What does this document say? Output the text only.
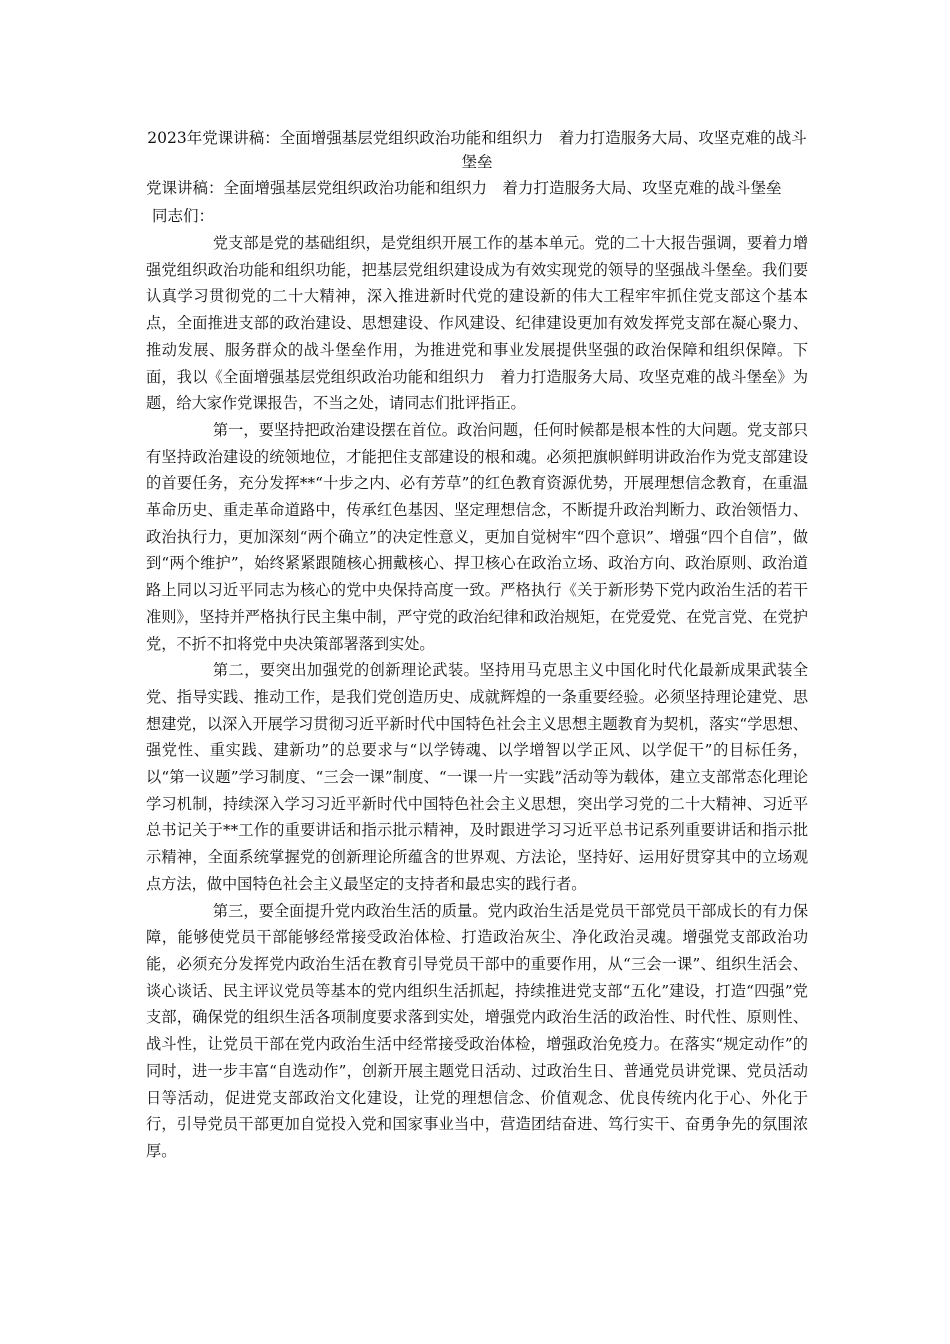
2023年党课讲稿：全面增强基层党组织政治功能和组织力　着力打造服务大局、攻坚克难的战斗堡垒

党课讲稿：全面增强基层党组织政治功能和组织力　着力打造服务大局、攻坚克难的战斗堡垒

同志们：

党支部是党的基础组织，是党组织开展工作的基本单元。党的二十大报告强调，要着力增强党组织政治功能和组织功能，把基层党组织建设成为有效实现党的领导的坚强战斗堡垒。我们要认真学习贯彻党的二十大精神，深入推进新时代党的建设新的伟大工程牢牢抓住党支部这个基本点，全面推进支部的政治建设、思想建设、作风建设、纪律建设更加有效发挥党支部在凝心聚力、推动发展、服务群众的战斗堡垒作用，为推进党和事业发展提供坚强的政治保障和组织保障。下面，我以《全面增强基层党组织政治功能和组织力　着力打造服务大局、攻坚克难的战斗堡垒》为题，给大家作党课报告，不当之处，请同志们批评指正。

第一，要坚持把政治建设摆在首位。政治问题，任何时候都是根本性的大问题。党支部只有坚持政治建设的统领地位，才能把住支部建设的根和魂。必须把旗帜鲜明讲政治作为党支部建设的首要任务，充分发挥**“十步之内、必有芳草”的红色教育资源优势，开展理想信念教育，在重温革命历史、重走革命道路中，传承红色基因、坚定理想信念，不断提升政治判断力、政治领悟力、政治执行力，更加深刻“两个确立”的决定性意义，更加自觉树牢“四个意识”、增强“四个自信”，做到“两个维护”，始终紧紧跟随核心拥戴核心、捍卫核心在政治立场、政治方向、政治原则、政治道路上同以习近平同志为核心的党中央保持高度一致。严格执行《关于新形势下党内政治生活的若干准则》，坚持并严格执行民主集中制，严守党的政治纪律和政治规矩，在党爱党、在党言党、在党护党，不折不扣将党中央决策部署落到实处。

第二，要突出加强党的创新理论武装。坚持用马克思主义中国化时代化最新成果武装全党、指导实践、推动工作，是我们党创造历史、成就辉煌的一条重要经验。必须坚持理论建党、思想建党，以深入开展学习贯彻习近平新时代中国特色社会主义思想主题教育为契机，落实“学思想、强党性、重实践、建新功”的总要求与“以学铸魂、以学增智以学正风、以学促干”的目标任务，以“第一议题”学习制度、“三会一课”制度、“一课一片一实践”活动等为载体，建立支部常态化理论学习机制，持续深入学习习近平新时代中国特色社会主义思想，突出学习党的二十大精神、习近平总书记关于**工作的重要讲话和指示批示精神，及时跟进学习习近平总书记系列重要讲话和指示批示精神，全面系统掌握党的创新理论所蕴含的世界观、方法论，坚持好、运用好贯穿其中的立场观点方法，做中国特色社会主义最坚定的支持者和最忠实的践行者。

第三，要全面提升党内政治生活的质量。党内政治生活是党员干部党员干部成长的有力保障，能够使党员干部能够经常接受政治体检、打造政治灰尘、净化政治灵魂。增强党支部政治功能，必须充分发挥党内政治生活在教育引导党员干部中的重要作用，从“三会一课”、组织生活会、谈心谈话、民主评议党员等基本的党内组织生活抓起，持续推进党支部“五化”建设，打造“四强”党支部，确保党的组织生活各项制度要求落到实处，增强党内政治生活的政治性、时代性、原则性、战斗性，让党员干部在党内政治生活中经常接受政治体检，增强政治免疫力。在落实“规定动作”的同时，进一步丰富“自选动作”，创新开展主题党日活动、过政治生日、普通党员讲党课、党员活动日等活动，促进党支部政治文化建设，让党的理想信念、价值观念、优良传统内化于心、外化于行，引导党员干部更加自觉投入党和国家事业当中，营造团结奋进、笃行实干、奋勇争先的氛围浓厚。
